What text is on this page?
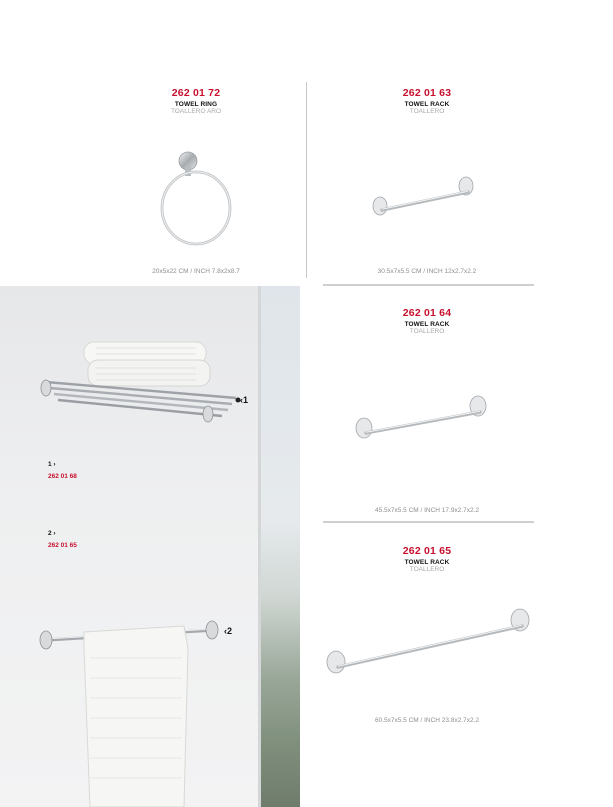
262 01 72
TOWEL RING
TOALLERO ARO
20x5x22 CM / INCH 7.8x2x8.7
262 01 63
TOWEL RACK
TOALLERO
30.5x7x5.5 CM / INCH 12x2.7x2.2
262 01 64
TOWEL RACK
TOALLERO
45.5x7x5.5 CM / INCH 17.9x2.7x2.2
262 01 65
TOWEL RACK
TOALLERO
60.5x7x5.5 CM / INCH 23.8x2.7x2.2
‹1
1 ›
262 01 68
2 ›
262 01 65
‹2
